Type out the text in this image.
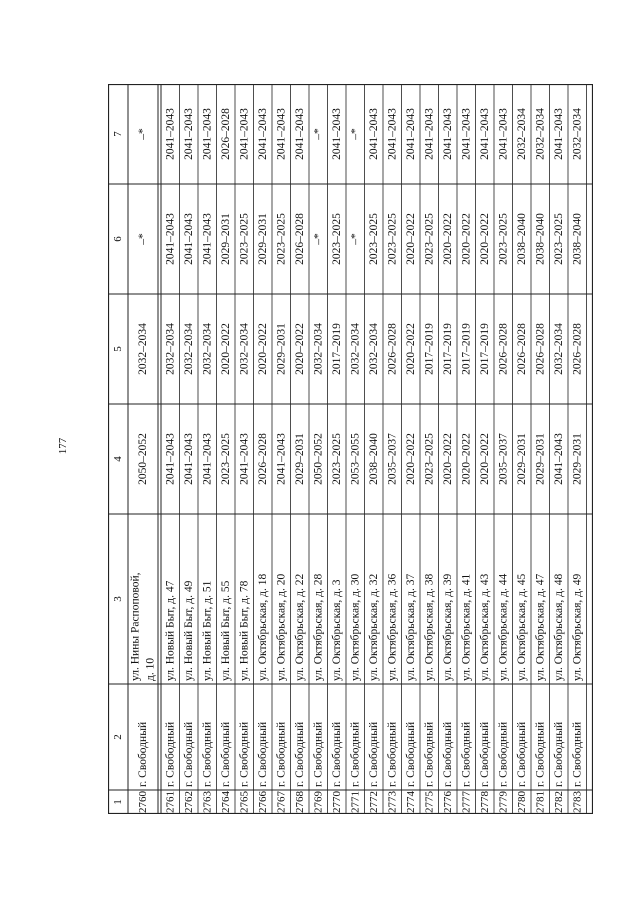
177
1
2
3
4
5
6
7
2760
г. Свободный
ул. Нины Распоповой, д. 10
2050–2052
2032–2034
–*
–*
2761
г. Свободный
ул. Новый Быт, д. 47
2041–2043
2032–2034
2041–2043
2041–2043
2762
г. Свободный
ул. Новый Быт, д. 49
2041–2043
2032–2034
2041–2043
2041–2043
2763
г. Свободный
ул. Новый Быт, д. 51
2041–2043
2032–2034
2041–2043
2041–2043
2764
г. Свободный
ул. Новый Быт, д. 55
2023–2025
2020–2022
2029–2031
2026–2028
2765
г. Свободный
ул. Новый Быт, д. 78
2041–2043
2032–2034
2023–2025
2041–2043
2766
г. Свободный
ул. Октябрьская, д. 18
2026–2028
2020–2022
2029–2031
2041–2043
2767
г. Свободный
ул. Октябрьская, д. 20
2041–2043
2029–2031
2023–2025
2041–2043
2768
г. Свободный
ул. Октябрьская, д. 22
2029–2031
2020–2022
2026–2028
2041–2043
2769
г. Свободный
ул. Октябрьская, д. 28
2050–2052
2032–2034
–*
–*
2770
г. Свободный
ул. Октябрьская, д. 3
2023–2025
2017–2019
2023–2025
2041–2043
2771
г. Свободный
ул. Октябрьская, д. 30
2053–2055
2032–2034
–*
–*
2772
г. Свободный
ул. Октябрьская, д. 32
2038–2040
2032–2034
2023–2025
2041–2043
2773
г. Свободный
ул. Октябрьская, д. 36
2035–2037
2026–2028
2023–2025
2041–2043
2774
г. Свободный
ул. Октябрьская, д. 37
2020–2022
2020–2022
2020–2022
2041–2043
2775
г. Свободный
ул. Октябрьская, д. 38
2023–2025
2017–2019
2023–2025
2041–2043
2776
г. Свободный
ул. Октябрьская, д. 39
2020–2022
2017–2019
2020–2022
2041–2043
2777
г. Свободный
ул. Октябрьская, д. 41
2020–2022
2017–2019
2020–2022
2041–2043
2778
г. Свободный
ул. Октябрьская, д. 43
2020–2022
2017–2019
2020–2022
2041–2043
2779
г. Свободный
ул. Октябрьская, д. 44
2035–2037
2026–2028
2023–2025
2041–2043
2780
г. Свободный
ул. Октябрьская, д. 45
2029–2031
2026–2028
2038–2040
2032–2034
2781
г. Свободный
ул. Октябрьская, д. 47
2029–2031
2026–2028
2038–2040
2032–2034
2782
г. Свободный
ул. Октябрьская, д. 48
2041–2043
2032–2034
2023–2025
2041–2043
2783
г. Свободный
ул. Октябрьская, д. 49
2029–2031
2026–2028
2038–2040
2032–2034
